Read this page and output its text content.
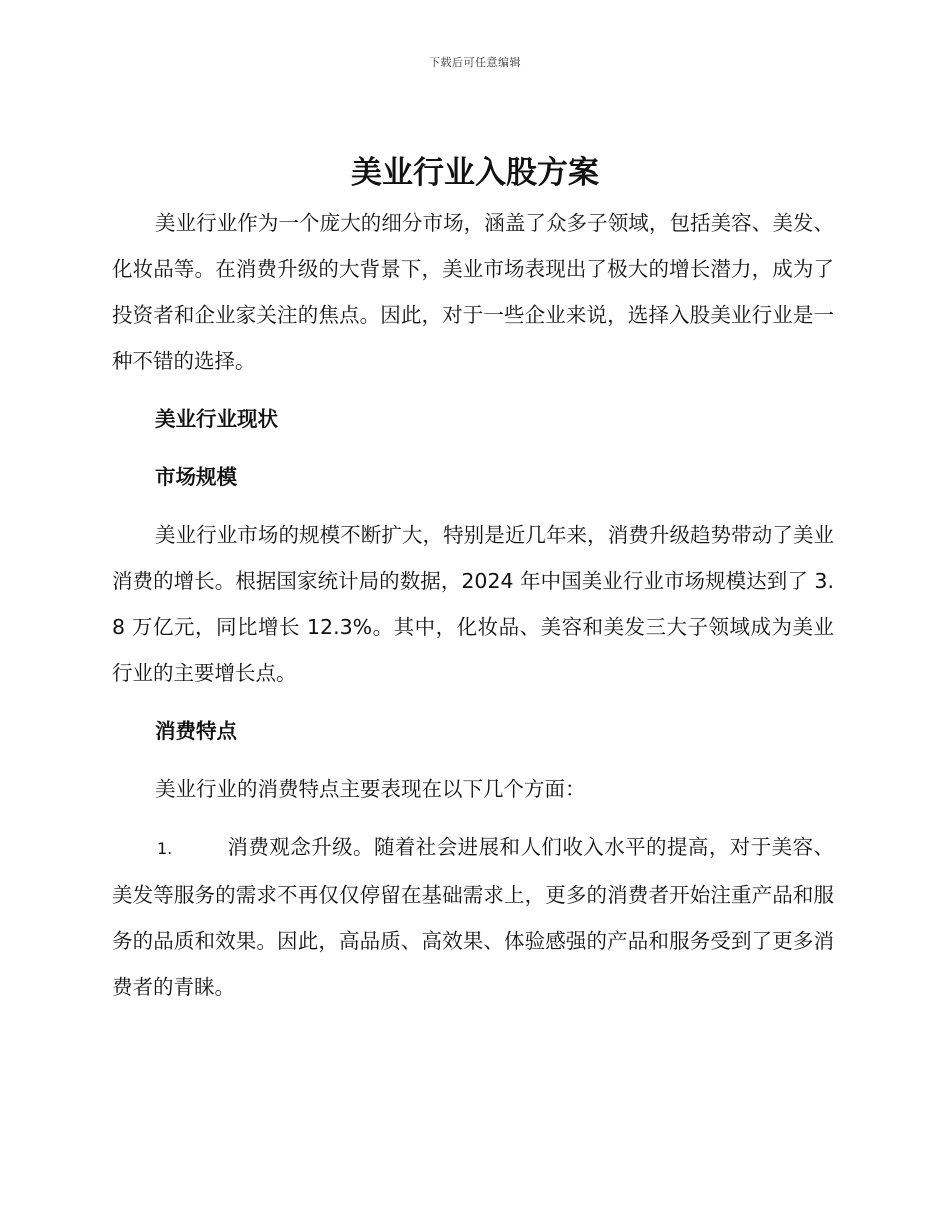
下载后可任意编辑
美业行业入股方案

美业行业作为一个庞大的细分市场，涵盖了众多子领域，包括美容、美发、化妆品等。在消费升级的大背景下，美业市场表现出了极大的增长潜力，成为了投资者和企业家关注的焦点。因此，对于一些企业来说，选择入股美业行业是一种不错的选择。

美业行业现状

市场规模

美业行业市场的规模不断扩大，特别是近几年来，消费升级趋势带动了美业消费的增长。根据国家统计局的数据，2024 年中国美业行业市场规模达到了 3.8 万亿元，同比增长 12.3%。其中，化妆品、美容和美发三大子领域成为美业行业的主要增长点。

消费特点

美业行业的消费特点主要表现在以下几个方面：

1.	消费观念升级。随着社会进展和人们收入水平的提高，对于美容、美发等服务的需求不再仅仅停留在基础需求上，更多的消费者开始注重产品和服务的品质和效果。因此，高品质、高效果、体验感强的产品和服务受到了更多消费者的青睐。
